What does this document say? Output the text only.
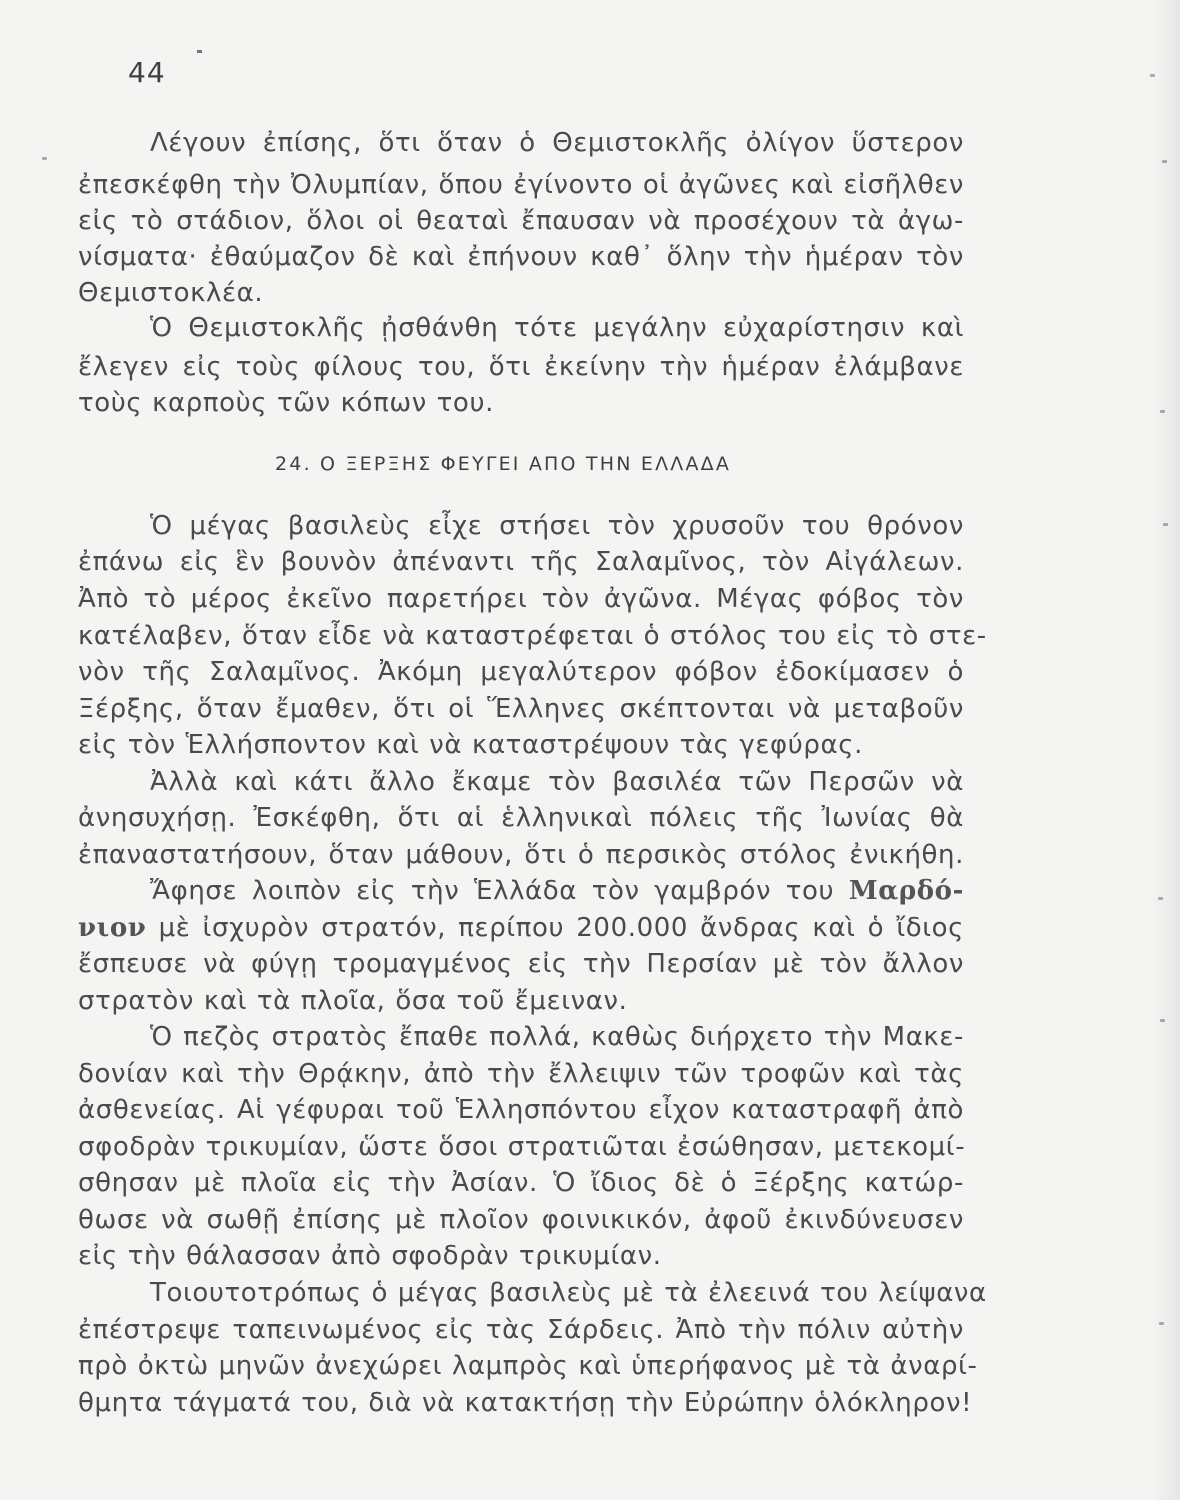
44
Λέγουν ἐπίσης, ὅτι ὅταν ὁ Θεμιστοκλῆς ὀλίγον ὕστερον
ἐπεσκέφθη τὴν Ὀλυμπίαν, ὅπου ἐγίνοντο οἱ ἀγῶνες καὶ εἰσῆλθεν
εἰς τὸ στάδιον, ὅλοι οἱ θεαταὶ ἔπαυσαν νὰ προσέχουν τὰ ἀγω-
νίσματα· ἐθαύμαζον δὲ καὶ ἐπήνουν καθ᾽ ὅλην τὴν ἡμέραν τὸν
Θεμιστοκλέα.
Ὁ Θεμιστοκλῆς ᾐσθάνθη τότε μεγάλην εὐχαρίστησιν καὶ
ἔλεγεν εἰς τοὺς φίλους του, ὅτι ἐκείνην τὴν ἡμέραν ἐλάμβανε
τοὺς καρποὺς τῶν κόπων του.
24. Ο ΞΕΡΞΗΣ ΦΕΥΓΕΙ ΑΠΟ ΤΗΝ ΕΛΛΑΔΑ
Ὁ μέγας βασιλεὺς εἶχε στήσει τὸν χρυσοῦν του θρόνον
ἐπάνω εἰς ἓν βουνὸν ἀπέναντι τῆς Σαλαμῖνος, τὸν Αἰγάλεων.
Ἀπὸ τὸ μέρος ἐκεῖνο παρετήρει τὸν ἀγῶνα. Μέγας φόβος τὸν
κατέλαβεν, ὅταν εἶδε νὰ καταστρέφεται ὁ στόλος του εἰς τὸ στε-
νὸν τῆς Σαλαμῖνος. Ἀκόμη μεγαλύτερον φόβον ἐδοκίμασεν ὁ
Ξέρξης, ὅταν ἔμαθεν, ὅτι οἱ Ἕλληνες σκέπτονται νὰ μεταβοῦν
εἰς τὸν Ἑλλήσποντον καὶ νὰ καταστρέψουν τὰς γεφύρας.
Ἀλλὰ καὶ κάτι ἄλλο ἔκαμε τὸν βασιλέα τῶν Περσῶν νὰ
ἀνησυχήσῃ. Ἐσκέφθη, ὅτι αἱ ἑλληνικαὶ πόλεις τῆς Ἰωνίας θὰ
ἐπαναστατήσουν, ὅταν μάθουν, ὅτι ὁ περσικὸς στόλος ἐνικήθη.
Ἄφησε λοιπὸν εἰς τὴν Ἑλλάδα τὸν γαμβρόν του Μαρδό-
νιον μὲ ἰσχυρὸν στρατόν, περίπου 200.000 ἄνδρας καὶ ὁ ἴδιος
ἔσπευσε νὰ φύγῃ τρομαγμένος εἰς τὴν Περσίαν μὲ τὸν ἄλλον
στρατὸν καὶ τὰ πλοῖα, ὅσα τοῦ ἔμειναν.
Ὁ πεζὸς στρατὸς ἔπαθε πολλά, καθὼς διήρχετο τὴν Μακε-
δονίαν καὶ τὴν Θρᾴκην, ἀπὸ τὴν ἔλλειψιν τῶν τροφῶν καὶ τὰς
ἀσθενείας. Αἱ γέφυραι τοῦ Ἑλλησπόντου εἶχον καταστραφῆ ἀπὸ
σφοδρὰν τρικυμίαν, ὥστε ὅσοι στρατιῶται ἐσώθησαν, μετεκομί-
σθησαν μὲ πλοῖα εἰς τὴν Ἀσίαν. Ὁ ἴδιος δὲ ὁ Ξέρξης κατώρ-
θωσε νὰ σωθῇ ἐπίσης μὲ πλοῖον φοινικικόν, ἀφοῦ ἐκινδύνευσεν
εἰς τὴν θάλασσαν ἀπὸ σφοδρὰν τρικυμίαν.
Τοιουτοτρόπως ὁ μέγας βασιλεὺς μὲ τὰ ἐλεεινά του λείψανα
ἐπέστρεψε ταπεινωμένος εἰς τὰς Σάρδεις. Ἀπὸ τὴν πόλιν αὐτὴν
πρὸ ὀκτὼ μηνῶν ἀνεχώρει λαμπρὸς καὶ ὑπερήφανος μὲ τὰ ἀναρί-
θμητα τάγματά του, διὰ νὰ κατακτήσῃ τὴν Εὐρώπην ὁλόκληρον!
